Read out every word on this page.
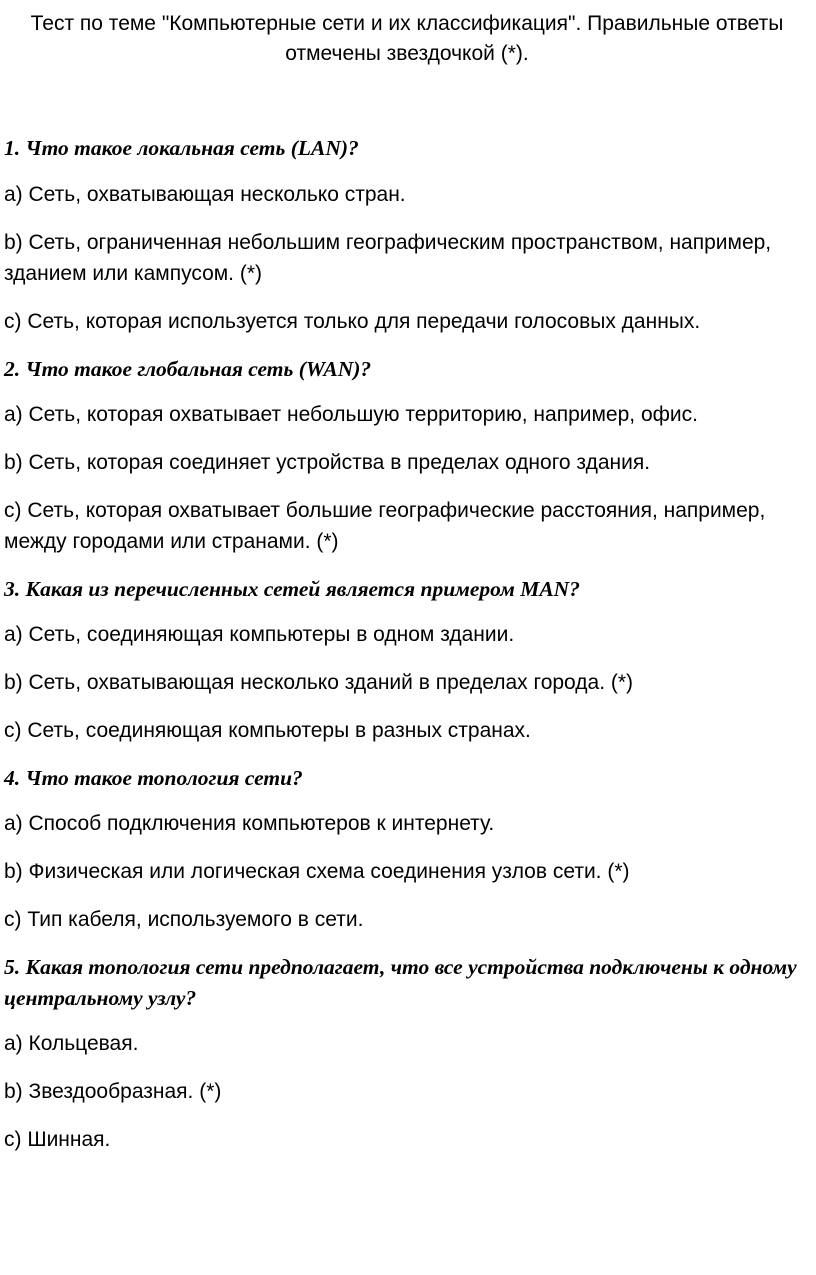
Тест по теме "Компьютерные сети и их классификация". Правильные ответы
отмечены звездочкой (*).

1. Что такое локальная сеть (LAN)?

a) Сеть, охватывающая несколько стран.

b) Сеть, ограниченная небольшим географическим пространством, например, зданием или кампусом. (*)

c) Сеть, которая используется только для передачи голосовых данных.

2. Что такое глобальная сеть (WAN)?

a) Сеть, которая охватывает небольшую территорию, например, офис.

b) Сеть, которая соединяет устройства в пределах одного здания.

c) Сеть, которая охватывает большие географические расстояния, например, между городами или странами. (*)

3. Какая из перечисленных сетей является примером MAN?

a) Сеть, соединяющая компьютеры в одном здании.

b) Сеть, охватывающая несколько зданий в пределах города. (*)

c) Сеть, соединяющая компьютеры в разных странах.

4. Что такое топология сети?

a) Способ подключения компьютеров к интернету.

b) Физическая или логическая схема соединения узлов сети. (*)

c) Тип кабеля, используемого в сети.

5. Какая топология сети предполагает, что все устройства подключены к одному центральному узлу?

a) Кольцевая.

b) Звездообразная. (*)

c) Шинная.
